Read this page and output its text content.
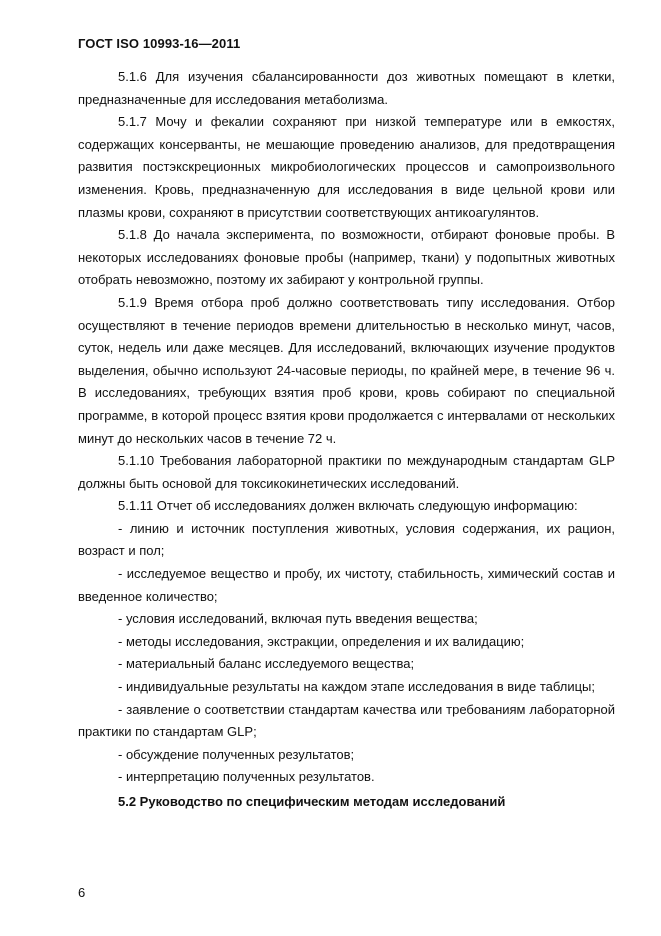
ГОСТ ISO 10993-16—2011

5.1.6 Для изучения сбалансированности доз животных помещают в клетки, предназначенные для исследования метаболизма.

5.1.7 Мочу и фекалии сохраняют при низкой температуре или в емкостях, содержащих консерванты, не мешающие проведению анализов, для предотвращения развития постэкскреционных микробиологических процессов и самопроизвольного изменения. Кровь, предназначенную для исследования в виде цельной крови или плазмы крови, сохраняют в присутствии соответствующих антикоагулянтов.

5.1.8 До начала эксперимента, по возможности, отбирают фоновые пробы. В некоторых исследованиях фоновые пробы (например, ткани) у подопытных животных отобрать невозможно, поэтому их забирают у контрольной группы.

5.1.9 Время отбора проб должно соответствовать типу исследования. Отбор осуществляют в течение периодов времени длительностью в несколько минут, часов, суток, недель или даже месяцев. Для исследований, включающих изучение продуктов выделения, обычно используют 24-часовые периоды, по крайней мере, в течение 96 ч. В исследованиях, требующих взятия проб крови, кровь собирают по специальной программе, в которой процесс взятия крови продолжается с интервалами от нескольких минут до нескольких часов в течение 72 ч.

5.1.10 Требования лабораторной практики по международным стандартам GLP должны быть основой для токсикокинетических исследований.

5.1.11 Отчет об исследованиях должен включать следующую информацию:

- линию и источник поступления животных, условия содержания, их рацион, возраст и пол;

- исследуемое вещество и пробу, их чистоту, стабильность, химический состав и введенное количество;

- условия исследований, включая путь введения вещества;

- методы исследования, экстракции, определения и их валидацию;

- материальный баланс исследуемого вещества;

- индивидуальные результаты на каждом этапе исследования в виде таблицы;

- заявление о соответствии стандартам качества или требованиям лабораторной практики по стандартам GLP;

- обсуждение полученных результатов;

- интерпретацию полученных результатов.

5.2 Руководство по специфическим методам исследований

6
